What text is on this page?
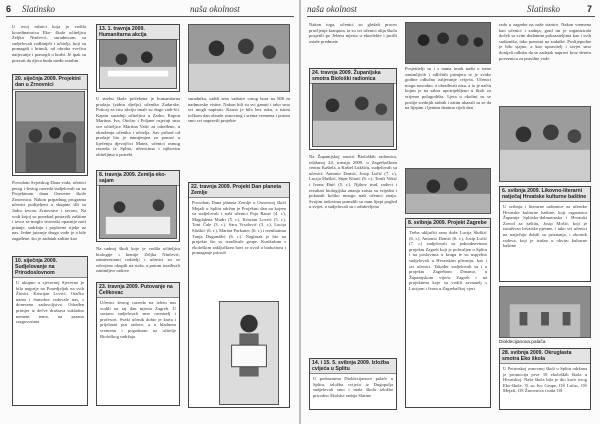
6 Slatinsko	naša okolnost
U ovoj rubrici koja je vodila koordinatorica Eko- škole učiteljica Zeljka Ninčević, suradnicom su sudjelovali rodbinjeli i učitelji, koji su pomagali i brinuli, od obroka svečica natjecanje i pomogli u borbi. Je ipak su pozvati da djeca budu među ostalim
20. siječnja 2009. Projektni dan u Zrnovnici
Povodom Svjetskog Dana voda, učenici petog i šestog razreda sudjelovali su na Projektnom danu Osnovne škole Zrnovnica. Nakon pripadnog programa učenici podijeljeni u skupine išli su Jadro izvoru Zrnovnice i izvoru. Na vodi kojoj su ponekad postavili zaštitne i izvor se moglo sezonski opasnije naći pitanje, sadržaju i poplavne rijeke uz nas. Jedne jutarnje drugo vode je a bile zagađene, što je zadatak zaštite kao
10. siječnja 2009. Sudjelovanje na Prirodoslovnom
U ukupno u sjevernoj Sjeverno je bila najprije na Ponedjeljak na svih Žitnici. Kristijan Lovrić, Otačko nama i Samobor radovale nas, s doneseno zadovoljstvo. Odrađen primjer iz dečve društava sukladno nemeni tema, na praznu razgovorima
13. 1. travnja 2009. Humanitarna akcija
U strehu škole pričekena je humanitarna prodaja (zidnu dječju) učenika Zadarske. Poticaj za istu akciju imali su dugo radi-šći. Kapon suradnji učiteljica u Zadru. Kupon Martina, Iva, Otočac i Poljane osjećaji smo sve učiteljice Martina Valić za određeno, u okruženju učenika i učitelja. Sav prihod od prodaje bio je namijenjen za pomoć u liječenju djevojčici Matea, učenici osmog razreda iz Splita, učenicima i njihovim obiteljima u potrebi
8. travnja 2009. Zemlja eko-sajam
Na radnoj školi koje je vodila učiteljica biologije i kemije Zeljka Ninčević, zainteresirani roditelji i učenici su se odvojeno okupili na stolu, a potom izrađivali zanimljive radove
23. travnja 2009. Putovanje na Čelikovac
Učenici šestog razreda na izletu nas vodili na taj dan mjesta Zagreb. U sastavu sudjelovali smo ravnatelj i profesori. Svaki učenik dobio je kartu i prijelazni put radove, a u hladnom vremenu i pogodnom uz učitelje Biološkog sadržaja
suradnika, sadili smo sadnice crnog bora na 800 m nadmorske visine. Nakon bili su svi ganuti i tako smo svi mogli napisati. Kasno je bilo bez ruku, a istom točkom dan obrade osnovnog i sretna vremena i potom smo svi napravili projekte
22. travnja 2009. Projekt Dan planeta Zemlje
Povodom Dana planeta Zemlje u Osnovnoj školi Mejaši u Splitu održan je Projektni dan na kojem su sudjelovali i naši učenici Paja Barać (4. r.), Magdalena Mudri (5. r.), Kristian Lovrić (5. r.), Toni Čale (3. r.), Sara Vrsalović (3. r.), Lucija Sluškić (6. r.), Marina Parkanec (6. r.) i rezultatima Tunja Dugandžić (6. r.). Naglasak je bio na projekte što su izrađivale grupe. Kurikulum s ekološkim zaključkom bavi se uvod u budućnost i pomaganje prirodi
naša okolnost	Slatinsko	7
Nakon toga, učenici su gledali proces pravljenja kompota, ta su svi učenici alija školu posjetili po Jelenu mjesta u ekoefekte i prošli ostale predmete
24. travnja 2009. Županijska smotra Biološki radionica
Na Županijskoj smotri Bioloških radionica, održanoj 24. travnja 2009. u Zagrebačkom centru Kaštela, u Kaštel Lukšiću, sudjelovali su učenici: Antonio Domić, Josip Lučić (7. r.), Lucija Šluškić, Stipe Klarić (6. r.), Tonči Vekić i Ivona Đuić (5. r.). Njihov trud, radovi i rezultati biologijska znanja zaista su vrijedni i pokazali koliko mnogo naši učenici znaju. Svojim radovima ponudili su nam lijepi pogled u svijet, a sudjelovali su i oduševljeno
14. i 15. 5. svibnja 2009. Izložba cvijeća u Splitu
U podrumima Dioklecijanove palače u Splitu, izložba cvijeća iz Dugopolja sudjelovali smo i mala škola izložbe prirodno Školske radnja Slatine
Posjetitelji su i s nama imali nadu o tome zanimljivih i odličnih primjera te je svake godine odlučno zaljevanje cvijeća. Učenici mogu navodno, a obrađivati nisu, a to je način kojim je na sabor upotrijebljeno u školi za vrijeme polugodišta. Ljeta u okolini su se poslije srednjih radnih i zatim ukazali su se da na lijepim i ljetnim danima cijeli dan
8. svibnja 2009. Projekt Zagrebe
Treba uključiti rano duže Lucija Šluškić (6. r.), Antonio Domić (6. r.), Josip Lučić (7. r.) sudjelovali su jednodnevnom projektu Zagreb koji je pohvaljen u Splitu i na poslovima u krugu te su uspješno sudjelovali u Hrvatskim plivanju, kao i svi učenici. Također sudjelovali su i u projektu Zagrebom Dinamo, u Županijskom vijeću Zagreb i na projektima koje su vodili ravnatelj s Lucijom i Ivom u Zagrebačkoj vjeri
rado u zagrebe na naše stanice. Nakon vremena kao učenici i zadnja, grad im je organizirala doček sa svim dodatnim pokazateljima kao i svih sudionika, tako ponosni na zadatke. Poslijepodne je bilo sjajno, a kao upravitelj i savjet smo donijeli odluku da se zadatak napravi kroz desetu poveznicu za pravilne vode
6. svibnja 2009. Likovno-literarni natječaj Hrvatske kulturne baštine
U svibnju i literarne radionice za učenike Hrvatske kulturne baštine, koji organizira Županija Splitsko-dalmatinska i Hrvatski Zavod za zaštitu, Josip Mošić, koji je istraživao hrvatske pjesme, i tako svi učenici na natječaju dobili su priznanja, i zbornik radova, koji je izašao u okviru kulturne baštine
Dioklecijanova palača
28. svibnja 2009. Okruglasta smotra Eko škola
U Petrinskoj osnovnoj školi u Splitu održana je promocija prve 10 ekoloških škola u Hrvatskoj. Naša škola bila je dio kuće ovog Eko-škole. Ti su Ivo Grupe, OŠ Lučac, OŠ Mejaši, OŠ Žrnovnica i naša OŠ
